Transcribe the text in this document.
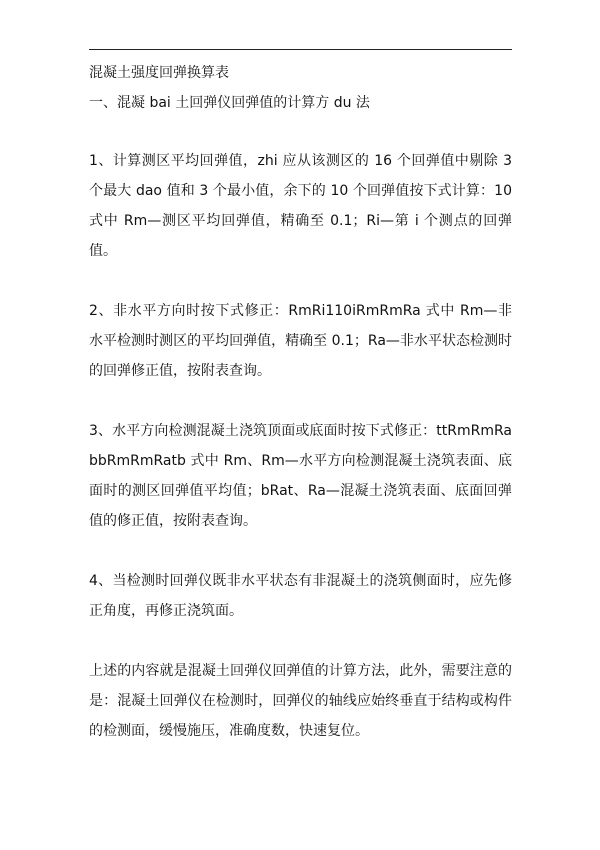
混凝土强度回弹换算表
一、混凝 bai 土回弹仪回弹值的计算方 du 法

1、计算测区平均回弹值，zhi 应从该测区的 16 个回弹值中剔除 3 个最大 dao 值和 3 个最小值，余下的 10 个回弹值按下式计算：10 式中 Rm—测区平均回弹值，精确至 0.1；Ri—第 i 个测点的回弹值。

2、非水平方向时按下式修正：RmRi110iRmRmRa 式中 Rm—非水平检测时测区的平均回弹值，精确至 0.1；Ra—非水平状态检测时的回弹修正值，按附表查询。

3、水平方向检测混凝土浇筑顶面或底面时按下式修正：ttRmRmRabbRmRmRatb 式中 Rm、Rm—水平方向检测混凝土浇筑表面、底面时的测区回弹值平均值；bRat、Ra—混凝土浇筑表面、底面回弹值的修正值，按附表查询。

4、当检测时回弹仪既非水平状态有非混凝土的浇筑侧面时，应先修正角度，再修正浇筑面。

上述的内容就是混凝土回弹仪回弹值的计算方法，此外，需要注意的是：混凝土回弹仪在检测时，回弹仪的轴线应始终垂直于结构或构件的检测面，缓慢施压，准确度数，快速复位。
